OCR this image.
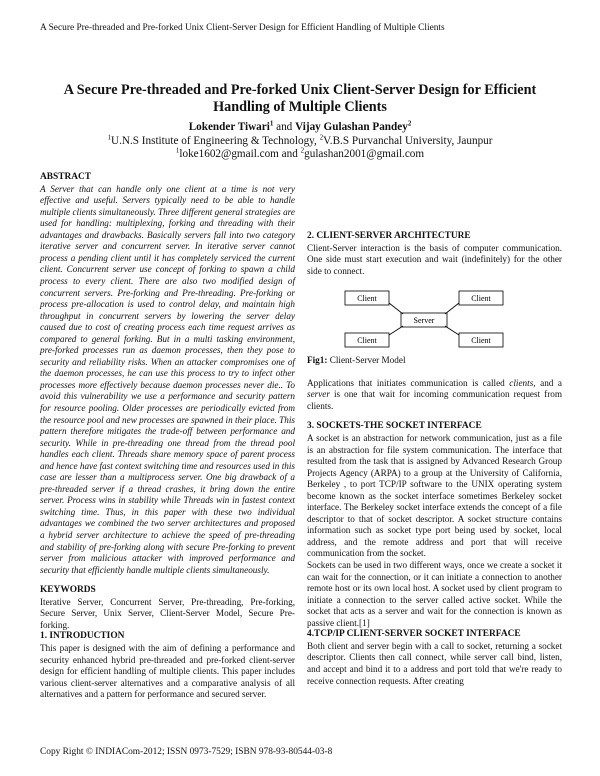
A Secure Pre-threaded and Pre-forked Unix Client-Server Design for Efficient Handling of Multiple Clients
A Secure Pre-threaded and Pre-forked Unix Client-Server Design for Efficient
Handling of Multiple Clients
Lokender Tiwari$^1$ and Vijay Gulashan Pandey$^2$
$^1$U.N.S Institute of Engineering & Technology, $^2$V.B.S Purvanchal University, Jaunpur
$^1$loke1602@gmail.com and $^2$gulashan2001@gmail.com
ABSTRACT

A Server that can handle only one client at a time is not very effective and useful. Servers typically need to be able to handle multiple clients simultaneously. Three different general strategies are used for handling: multiplexing, forking and threading with their advantages and drawbacks. Basically servers fall into two category iterative server and concurrent server. In iterative server cannot process a pending client until it has completely serviced the current client. Concurrent server use concept of forking to spawn a child process to every client. There are also two modified design of concurrent servers. Pre-forking and Pre-threading. Pre-forking or process pre-allocation is used to control delay, and maintain high throughput in concurrent servers by lowering the server delay caused due to cost of creating process each time request arrives as compared to general forking. But in a multi tasking environment, pre-forked processes run as daemon processes, then they pose to security and reliability risks. When an attacker compromises one of the daemon processes, he can use this process to try to infect other processes more effectively because daemon processes never die.. To avoid this vulnerability we use a performance and security pattern for resource pooling. Older processes are periodically evicted from the resource pool and new processes are spawned in their place. This pattern therefore mitigates the trade-off between performance and security. While in pre-threading one thread from the thread pool handles each client. Threads share memory space of parent process and hence have fast context switching time and resources used in this case are lesser than a multiprocess server. One big drawback of a pre-threaded server if a thread crashes, it bring down the entire server. Process wins in stability while Threads win in fastest context switching time. Thus, in this paper with these two individual advantages we combined the two server architectures and proposed a hybrid server architecture to achieve the speed of pre-threading and stability of pre-forking along with secure Pre-forking to prevent server from malicious attacker with improved performance and security that efficiently handle multiple clients simultaneously.

KEYWORDS

Iterative Server, Concurrent Server, Pre-threading, Pre-forking, Secure Server, Unix Server, Client-Server Model, Secure Pre-forking.

1. INTRODUCTION

This paper is designed with the aim of defining a performance and security enhanced hybrid pre-threaded and pre-forked client-server design for efficient handling of multiple clients. This paper includes various client-server alternatives and a comparative analysis of all alternatives and a pattern for performance and secured server.

2. CLIENT-SERVER ARCHITECTURE

Client-Server interaction is the basis of computer communication. One side must start execution and wait (indefinitely) for the other side to connect.

Client	Client
Server
Client	Client

Fig1: Client-Server Model

Applications that initiates communication is called clients, and a server is one that wait for incoming communication request from clients.

3. SOCKETS-THE SOCKET INTERFACE

A socket is an abstraction for network communication, just as a file is an abstraction for file system communication. The interface that resulted from the task that is assigned by Advanced Research Group Projects Agency (ARPA) to a group at the University of California, Berkeley , to port TCP/IP software to the UNIX operating system become known as the socket interface sometimes Berkeley socket interface. The Berkeley socket interface extends the concept of a file descriptor to that of socket descriptor. A socket structure contains information such as socket type port being used by socket, local address, and the remote address and port that will receive communication from the socket.

Sockets can be used in two different ways, once we create a socket it can wait for the connection, or it can initiate a connection to another remote host or its own local host. A socket used by client program to initiate a connection to the server called active socket. While the socket that acts as a server and wait for the connection is known as passive client.[1]

4.TCP/IP CLIENT-SERVER SOCKET INTERFACE

Both client and server begin with a call to socket, returning a socket descriptor. Clients then call connect, while server call bind, listen, and accept and bind it to a address and port told that we're ready to receive connection requests. After creating

Copy Right © INDIACom-2012; ISSN 0973-7529; ISBN 978-93-80544-03-8
